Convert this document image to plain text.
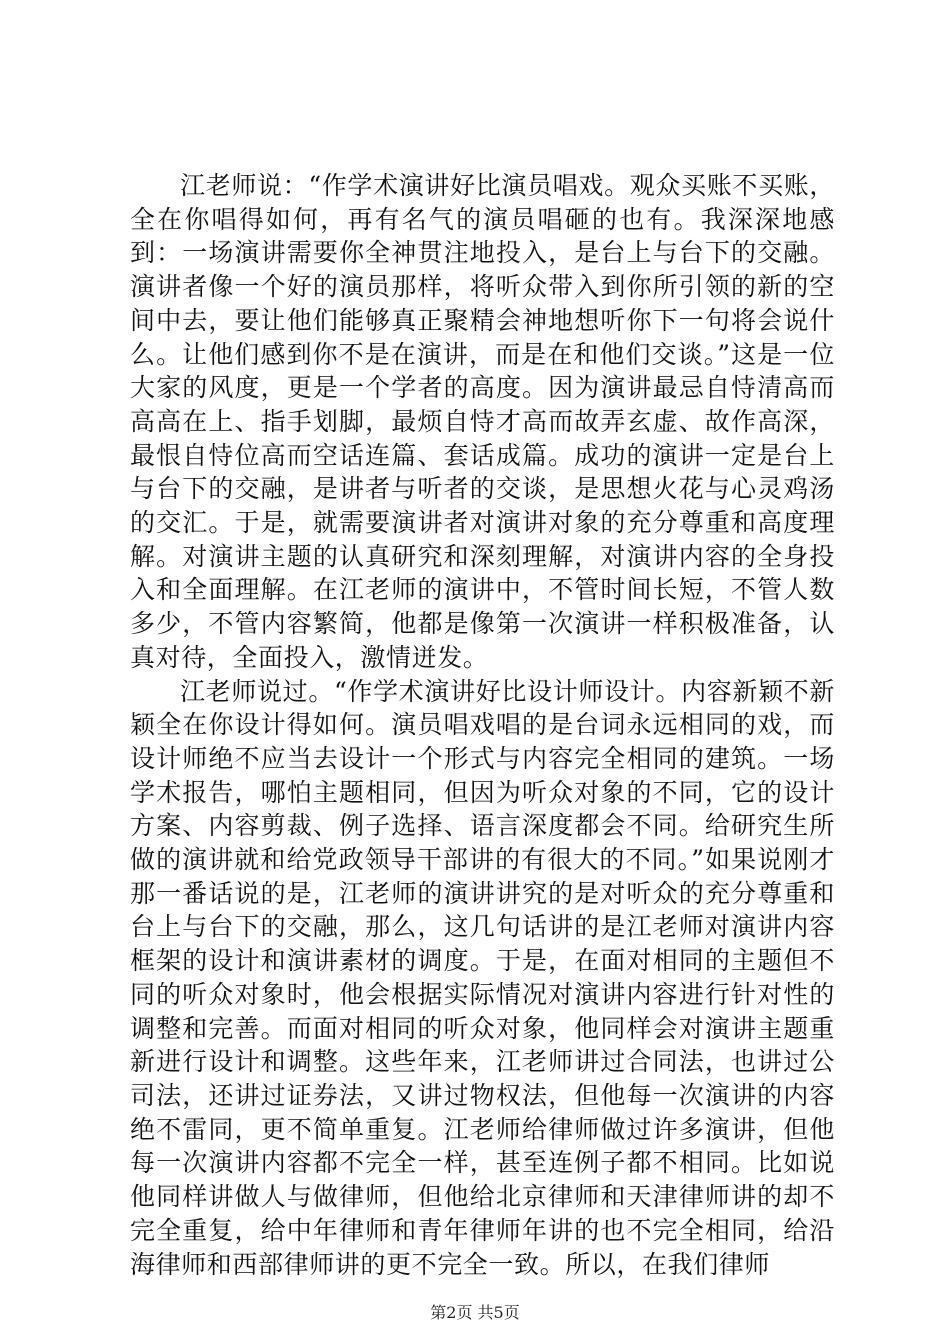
江老师说：“作学术演讲好比演员唱戏。观众买账不买账，全在你唱得如何，再有名气的演员唱砸的也有。我深深地感到：一场演讲需要你全神贯注地投入，是台上与台下的交融。演讲者像一个好的演员那样，将听众带入到你所引领的新的空间中去，要让他们能够真正聚精会神地想听你下一句将会说什么。让他们感到你不是在演讲，而是在和他们交谈。”这是一位大家的风度，更是一个学者的高度。因为演讲最忌自恃清高而高高在上、指手划脚，最烦自恃才高而故弄玄虚、故作高深，最恨自恃位高而空话连篇、套话成篇。成功的演讲一定是台上与台下的交融，是讲者与听者的交谈，是思想火花与心灵鸡汤的交汇。于是，就需要演讲者对演讲对象的充分尊重和高度理解。对演讲主题的认真研究和深刻理解，对演讲内容的全身投入和全面理解。在江老师的演讲中，不管时间长短，不管人数多少，不管内容繁简，他都是像第一次演讲一样积极准备，认真对待，全面投入，激情迸发。

江老师说过。“作学术演讲好比设计师设计。内容新颖不新颖全在你设计得如何。演员唱戏唱的是台词永远相同的戏，而设计师绝不应当去设计一个形式与内容完全相同的建筑。一场学术报告，哪怕主题相同，但因为听众对象的不同，它的设计方案、内容剪裁、例子选择、语言深度都会不同。给研究生所做的演讲就和给党政领导干部讲的有很大的不同。”如果说刚才那一番话说的是，江老师的演讲讲究的是对听众的充分尊重和台上与台下的交融，那么，这几句话讲的是江老师对演讲内容框架的设计和演讲素材的调度。于是，在面对相同的主题但不同的听众对象时，他会根据实际情况对演讲内容进行针对性的调整和完善。而面对相同的听众对象，他同样会对演讲主题重新进行设计和调整。这些年来，江老师讲过合同法，也讲过公司法，还讲过证券法，又讲过物权法，但他每一次演讲的内容绝不雷同，更不简单重复。江老师给律师做过许多演讲，但他每一次演讲内容都不完全一样，甚至连例子都不相同。比如说他同样讲做人与做律师，但他给北京律师和天津律师讲的却不完全重复，给中年律师和青年律师年讲的也不完全相同，给沿海律师和西部律师讲的更不完全一致。所以，在我们律师

第2页 共5页
